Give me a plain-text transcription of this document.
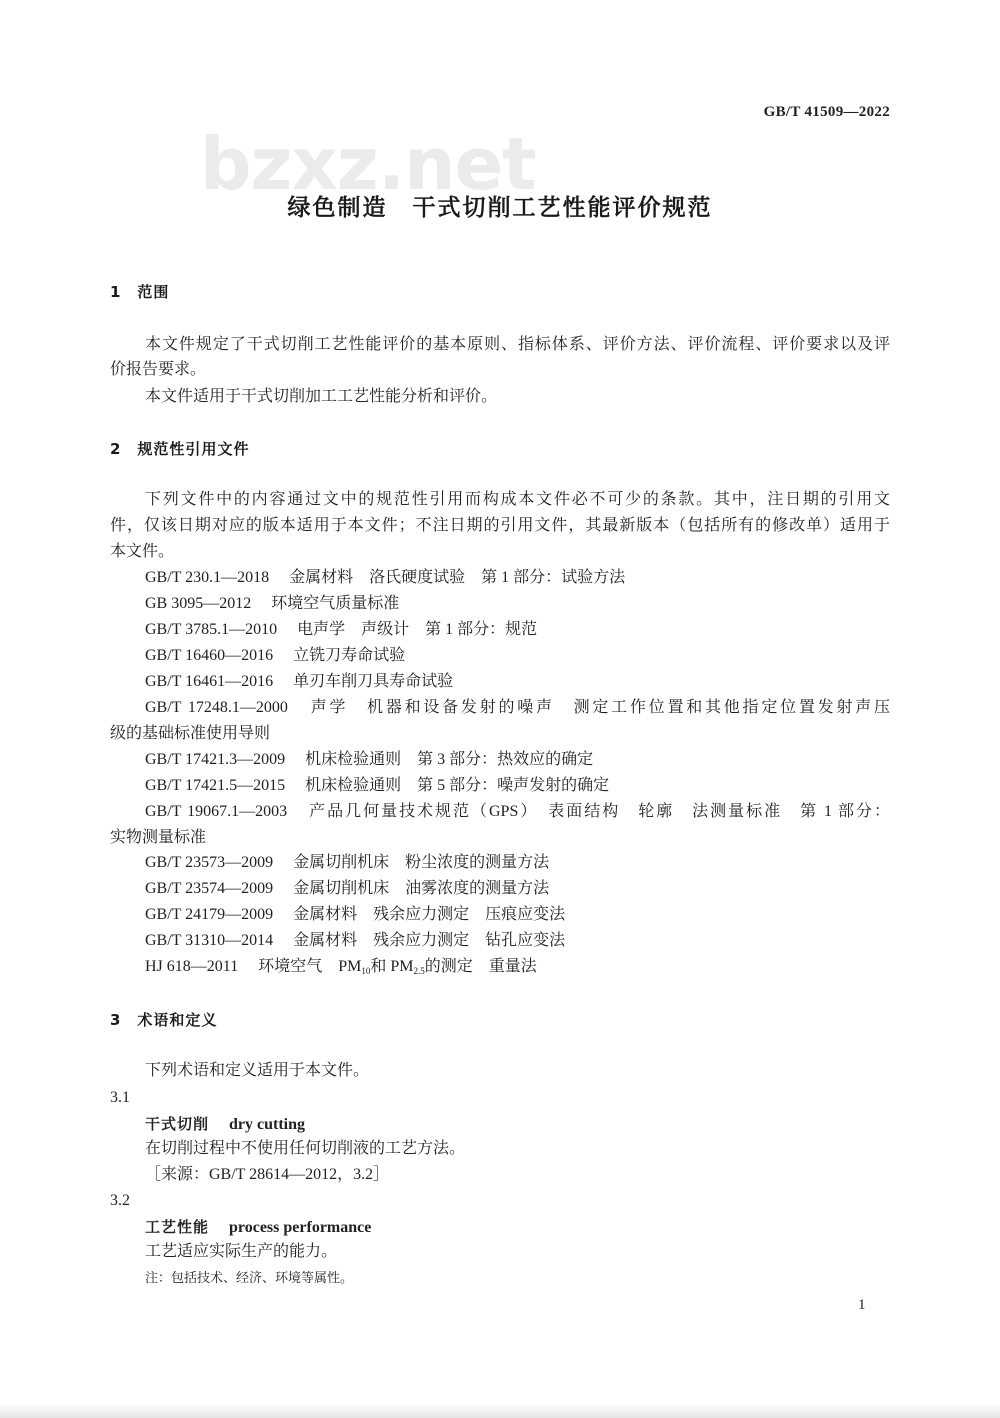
GB/T 41509—2022
bzxz.net
绿色制造　干式切削工艺性能评价规范
1　范围
本文件规定了干式切削工艺性能评价的基本原则、指标体系、评价方法、评价流程、评价要求以及评
价报告要求。
本文件适用于干式切削加工工艺性能分析和评价。
2　规范性引用文件
下列文件中的内容通过文中的规范性引用而构成本文件必不可少的条款。其中，注日期的引用文
件，仅该日期对应的版本适用于本文件；不注日期的引用文件，其最新版本（包括所有的修改单）适用于
本文件。
GB/T 230.1—2018 金属材料　洛氏硬度试验　第 1 部分：试验方法
GB 3095—2012 环境空气质量标准
GB/T 3785.1—2010 电声学　声级计　第 1 部分：规范
GB/T 16460—2016 立铣刀寿命试验
GB/T 16461—2016 单刃车削刀具寿命试验
GB/T 17248.1—2000 声学　机器和设备发射的噪声　测定工作位置和其他指定位置发射声压
级的基础标准使用导则
GB/T 17421.3—2009 机床检验通则　第 3 部分：热效应的确定
GB/T 17421.5—2015 机床检验通则　第 5 部分：噪声发射的确定
GB/T 19067.1—2003 产品几何量技术规范（GPS）　表面结构　轮廓　法测量标准　第 1 部分：
实物测量标准
GB/T 23573—2009 金属切削机床　粉尘浓度的测量方法
GB/T 23574—2009 金属切削机床　油雾浓度的测量方法
GB/T 24179—2009 金属材料　残余应力测定　压痕应变法
GB/T 31310—2014 金属材料　残余应力测定　钻孔应变法
HJ 618—2011 环境空气　PM10和 PM2.5的测定　重量法
3　术语和定义
下列术语和定义适用于本文件。
3.1
干式切削 dry cutting
在切削过程中不使用任何切削液的工艺方法。
［来源：GB/T 28614—2012，3.2］
3.2
工艺性能 process performance
工艺适应实际生产的能力。
注：包括技术、经济、环境等属性。
1
